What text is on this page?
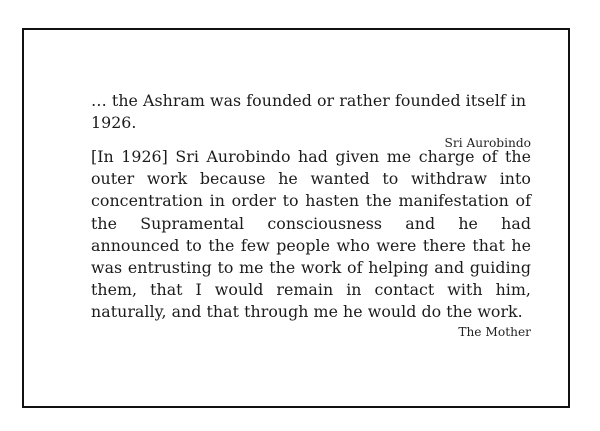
… the Ashram was founded or rather founded itself in 1926.

Sri Aurobindo

[In 1926] Sri Aurobindo had given me charge of the outer work because he wanted to withdraw into concentration in order to hasten the manifestation of the Supramental consciousness and he had announced to the few people who were there that he was entrusting to me the work of helping and guiding them, that I would remain in contact with him, naturally, and that through me he would do the work.

The Mother
